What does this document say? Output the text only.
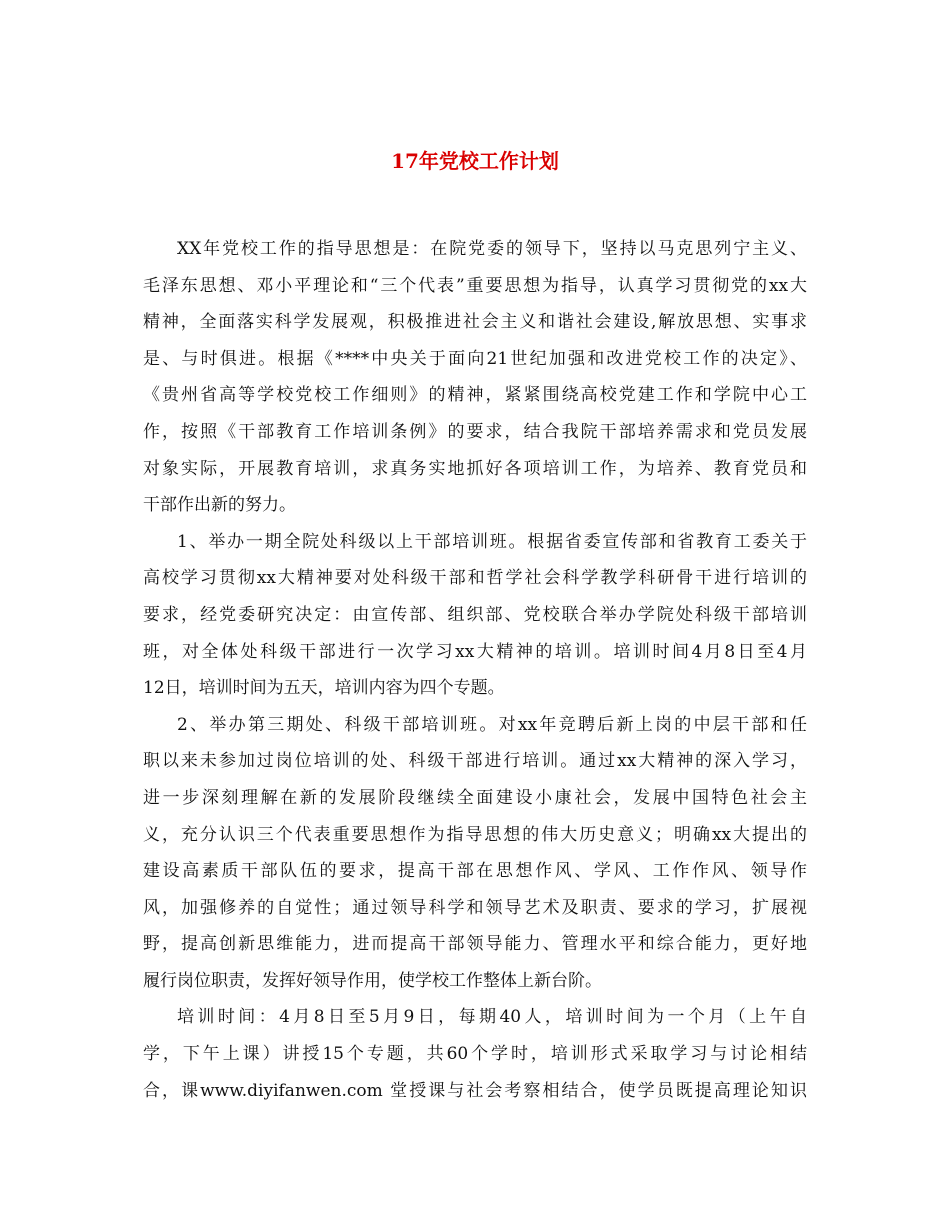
17年党校工作计划
XX年党校工作的指导思想是：在院党委的领导下，坚持以马克思列宁主义、
毛泽东思想、邓小平理论和“三个代表”重要思想为指导，认真学习贯彻党的xx大
精神，全面落实科学发展观，积极推进社会主义和谐社会建设,解放思想、实事求
是、与时俱进。根据《****中央关于面向21世纪加强和改进党校工作的决定》、
《贵州省高等学校党校工作细则》的精神，紧紧围绕高校党建工作和学院中心工
作，按照《干部教育工作培训条例》的要求，结合我院干部培养需求和党员发展
对象实际，开展教育培训，求真务实地抓好各项培训工作，为培养、教育党员和
干部作出新的努力。
1、举办一期全院处科级以上干部培训班。根据省委宣传部和省教育工委关于
高校学习贯彻xx大精神要对处科级干部和哲学社会科学教学科研骨干进行培训的
要求，经党委研究决定：由宣传部、组织部、党校联合举办学院处科级干部培训
班，对全体处科级干部进行一次学习xx大精神的培训。培训时间4月8日至4月
12日，培训时间为五天，培训内容为四个专题。
2、举办第三期处、科级干部培训班。对xx年竞聘后新上岗的中层干部和任
职以来未参加过岗位培训的处、科级干部进行培训。通过xx大精神的深入学习，
进一步深刻理解在新的发展阶段继续全面建设小康社会，发展中国特色社会主
义，充分认识三个代表重要思想作为指导思想的伟大历史意义；明确xx大提出的
建设高素质干部队伍的要求，提高干部在思想作风、学风、工作作风、领导作
风，加强修养的自觉性；通过领导科学和领导艺术及职责、要求的学习，扩展视
野，提高创新思维能力，进而提高干部领导能力、管理水平和综合能力，更好地
履行岗位职责，发挥好领导作用，使学校工作整体上新台阶。
培训时间：4月8日至5月9日，每期40人，培训时间为一个月（上午自
学，下午上课）讲授15个专题，共60个学时，培训形式采取学习与讨论相结
合，课www.diyifanwen.com 堂授课与社会考察相结合，使学员既提高理论知识
